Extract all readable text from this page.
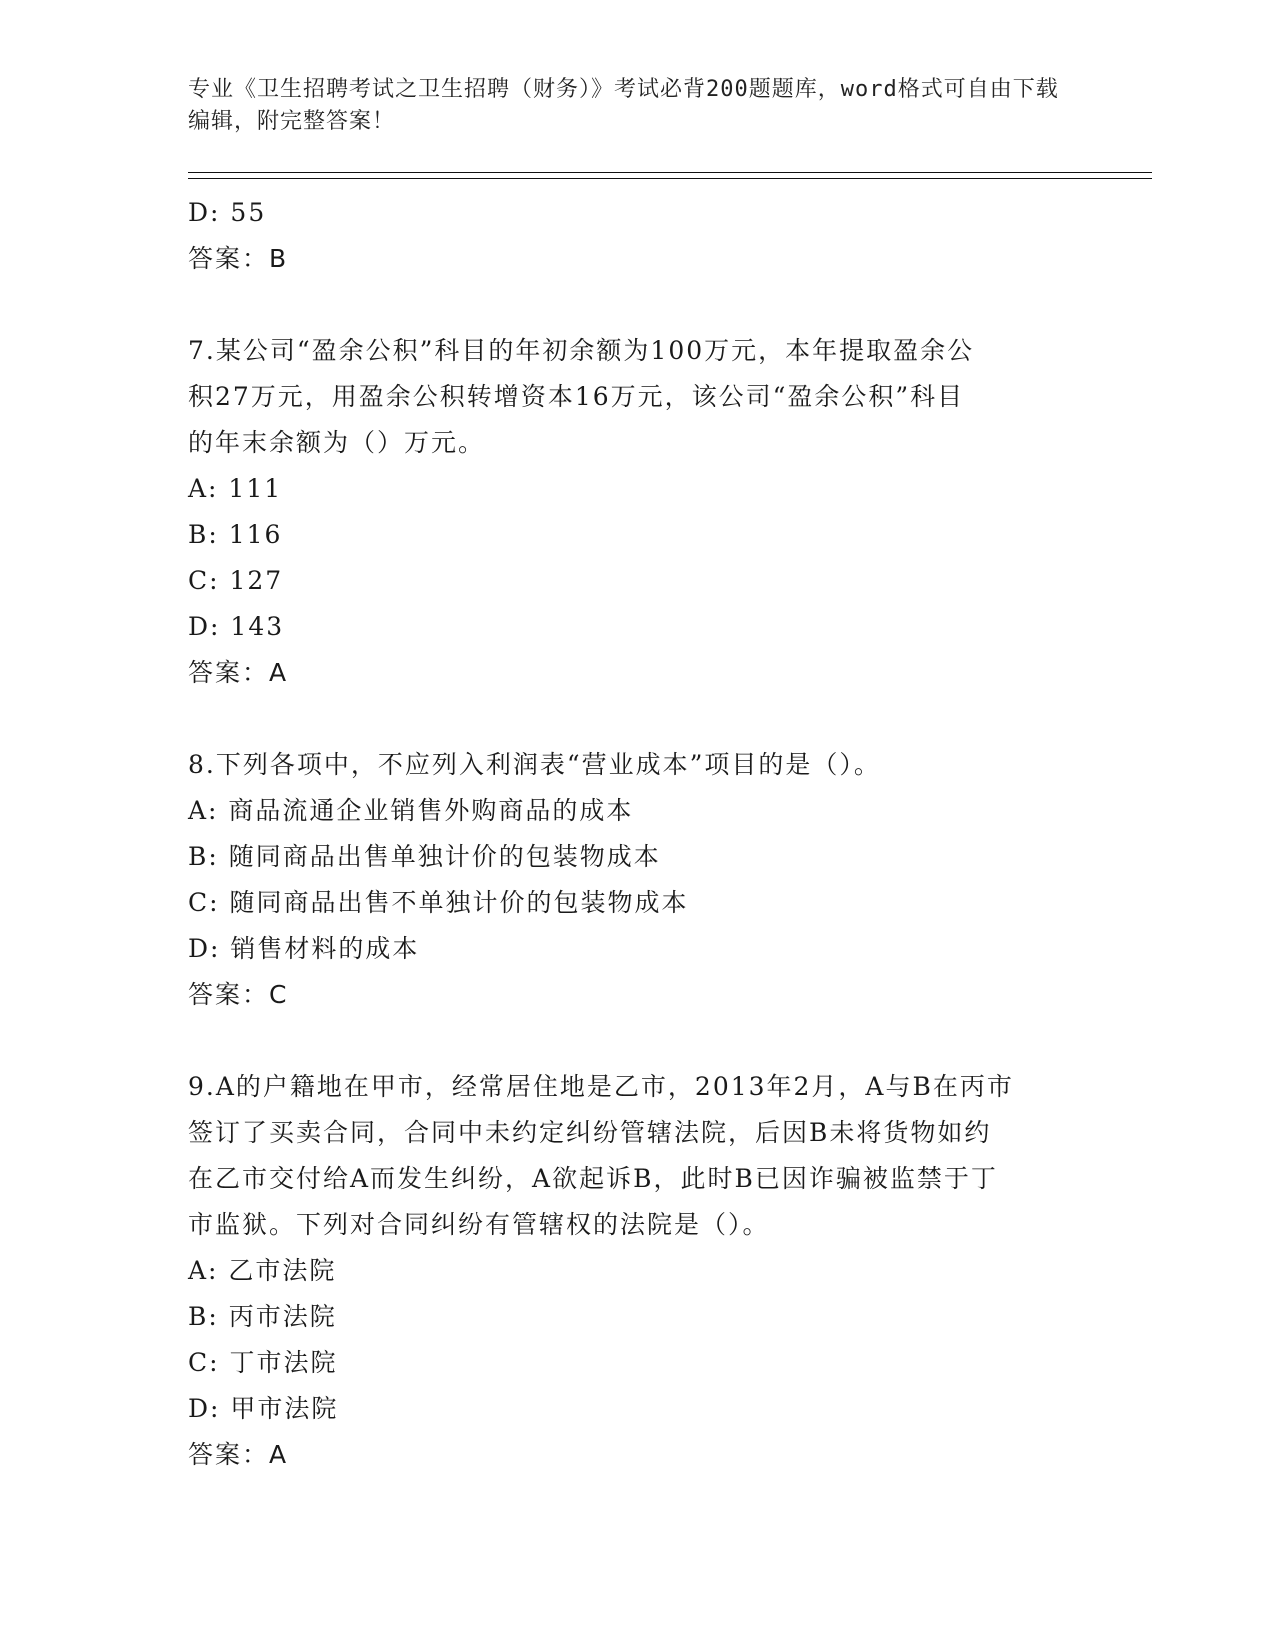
专业《卫生招聘考试之卫生招聘（财务）》考试必背200题题库，word格式可自由下载编辑，附完整答案！
D: 55
答案：B
7.某公司“盈余公积”科目的年初余额为100万元，本年提取盈余公
积27万元，用盈余公积转增资本16万元，该公司“盈余公积”科目
的年末余额为（）万元。
A: 111
B: 116
C: 127
D: 143
答案：A
8.下列各项中，不应列入利润表“营业成本”项目的是（）。
A: 商品流通企业销售外购商品的成本
B: 随同商品出售单独计价的包装物成本
C: 随同商品出售不单独计价的包装物成本
D: 销售材料的成本
答案：C
9.A的户籍地在甲市，经常居住地是乙市，2013年2月，A与B在丙市
签订了买卖合同，合同中未约定纠纷管辖法院，后因B未将货物如约
在乙市交付给A而发生纠纷，A欲起诉B，此时B已因诈骗被监禁于丁
市监狱。下列对合同纠纷有管辖权的法院是（）。
A: 乙市法院
B: 丙市法院
C: 丁市法院
D: 甲市法院
答案：A
